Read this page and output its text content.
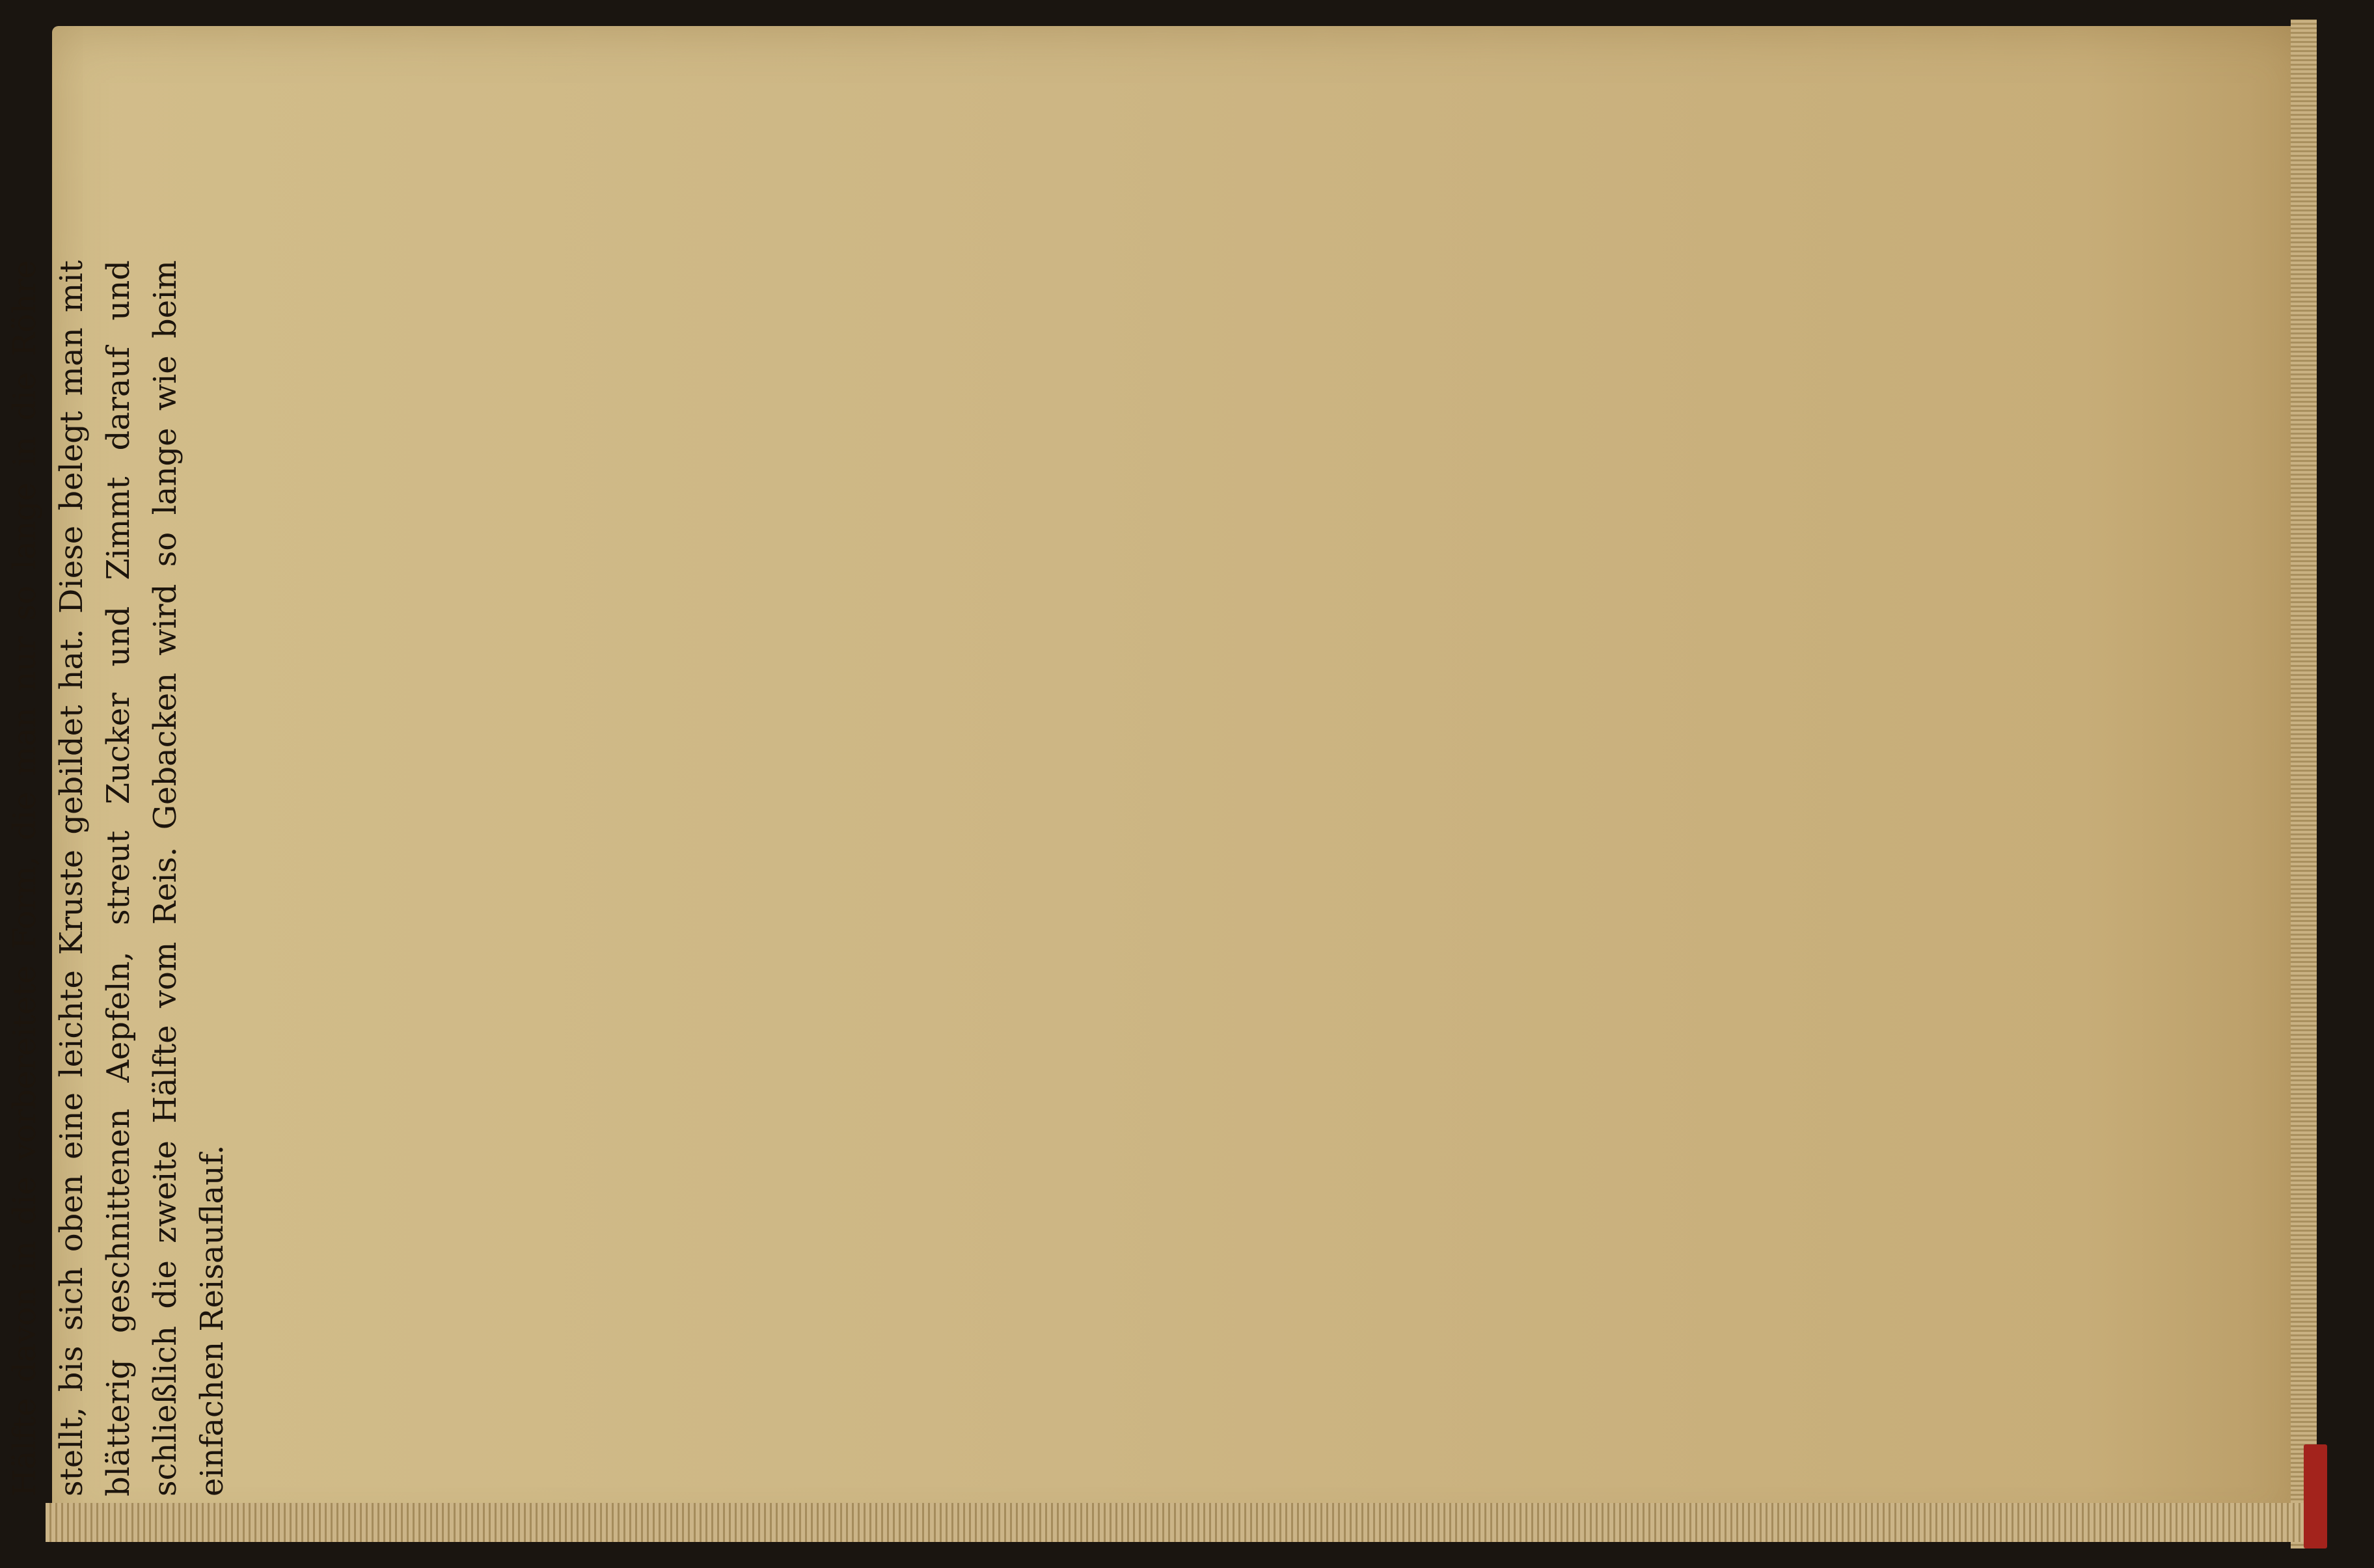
Hälfte davon in die vorbereitete Form, die man nur so lange in die Röhre stellt, bis sich oben eine leichte Kruste gebildet hat. Diese belegt man mit blätterig geschnittenen Aepfeln, streut Zucker und Zimmt darauf und schließlich die zweite Hälfte vom Reis. Gebacken wird so lange wie beim einfachen Reisauflauf.
